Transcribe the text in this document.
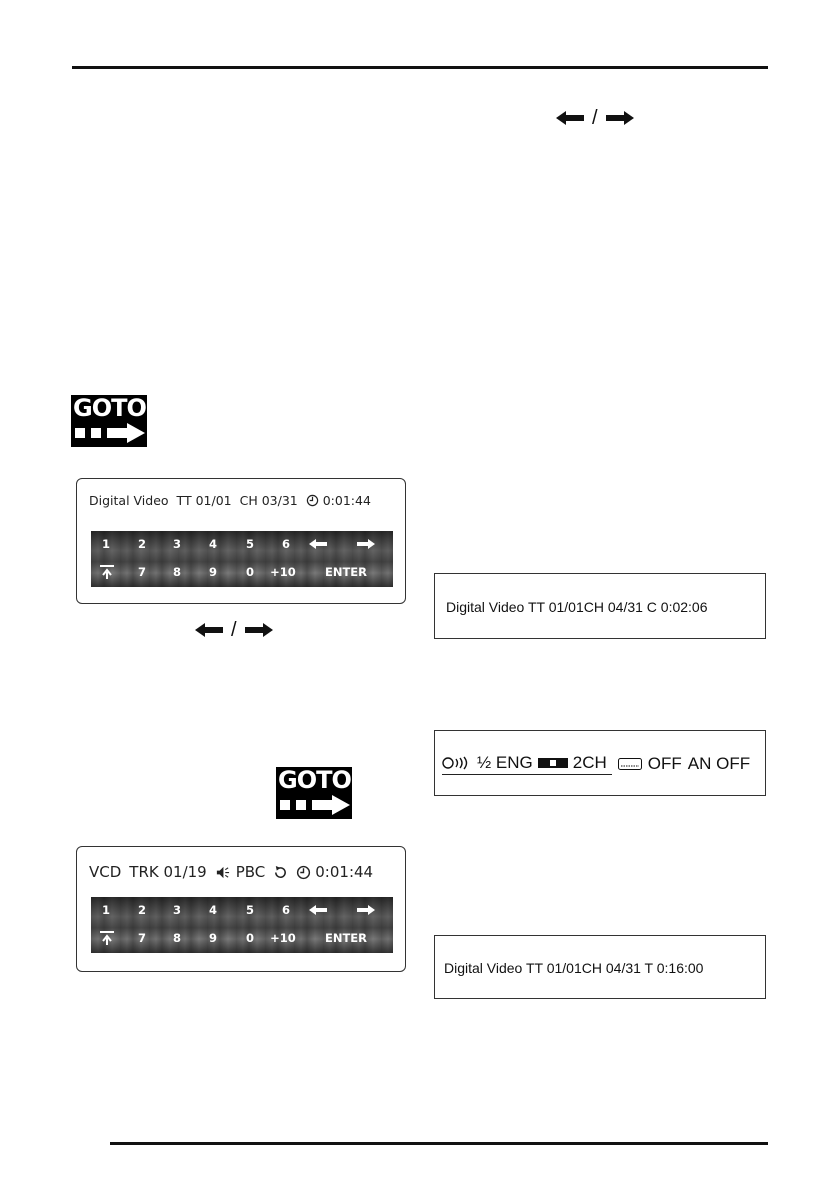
/
GOTO
Digital Video TT 01/01 CH 03/31 0:01:44
1	2	3	4	5	6
7	8	9	0	+10	ENTER
/
GOTO
VCD TRK 01/19 PBC	0:01:44
1	2	3	4	5	6
7	8	9	0	+10	ENTER
Digital Video TT 01/01CH 04/31 C 0:02:06
½ ENG 2CH OFF AN OFF
Digital Video TT 01/01CH 04/31 T 0:16:00
